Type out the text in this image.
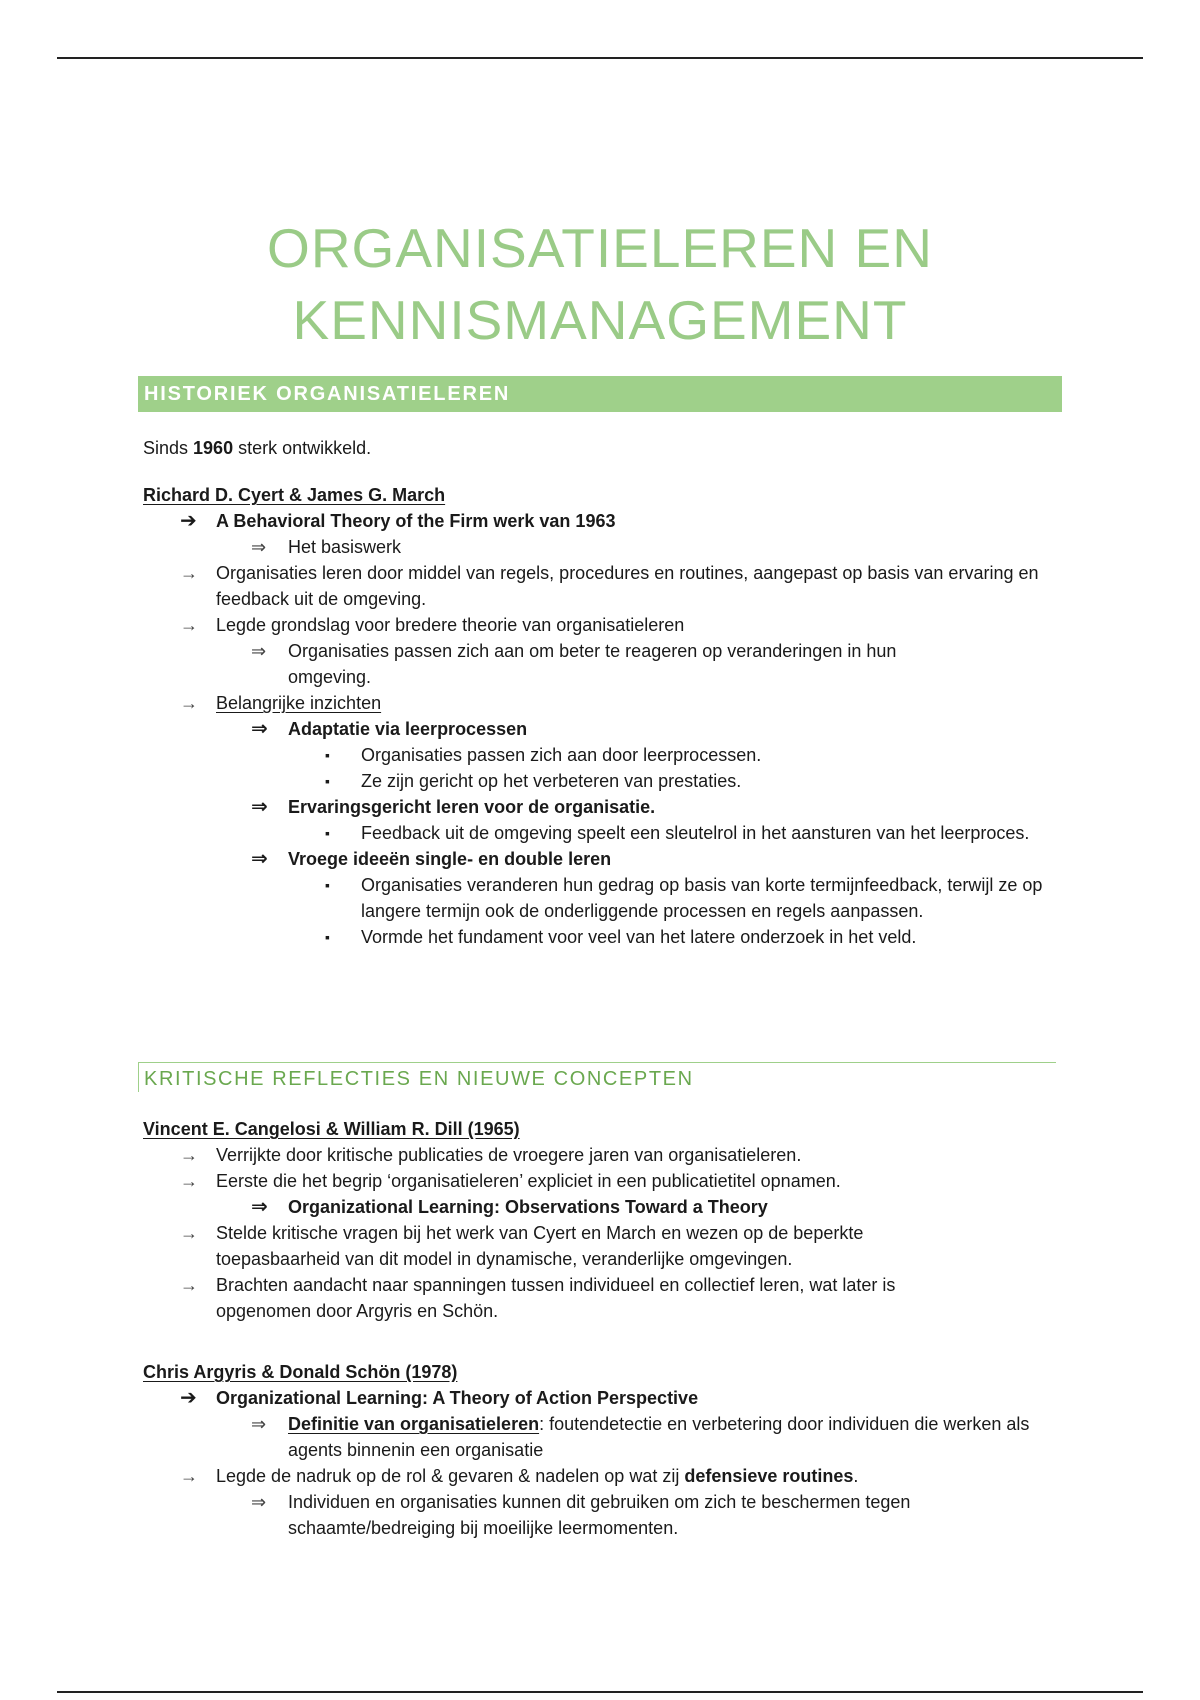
ORGANISATIELEREN EN
KENNISMANAGEMENT
HISTORIEK ORGANISATIELEREN

Sinds 1960 sterk ontwikkeld.

Richard D. Cyert & James G. March

➔ A Behavioral Theory of the Firm werk van 1963
⇒ Het basiswerk
→ Organisaties leren door middel van regels, procedures en routines, aangepast op basis van ervaring en feedback uit de omgeving.
→ Legde grondslag voor bredere theorie van organisatieleren
⇒ Organisaties passen zich aan om beter te reageren op veranderingen in hun omgeving.
→ Belangrijke inzichten
⇒ Adaptatie via leerprocessen
▪ Organisaties passen zich aan door leerprocessen.
▪ Ze zijn gericht op het verbeteren van prestaties.
⇒ Ervaringsgericht leren voor de organisatie.
▪ Feedback uit de omgeving speelt een sleutelrol in het aansturen van het leerproces.
⇒ Vroege ideeën single- en double leren
▪ Organisaties veranderen hun gedrag op basis van korte termijnfeedback, terwijl ze op langere termijn ook de onderliggende processen en regels aanpassen.
▪ Vormde het fundament voor veel van het latere onderzoek in het veld.
KRITISCHE REFLECTIES EN NIEUWE CONCEPTEN

Vincent E. Cangelosi & William R. Dill (1965)

→ Verrijkte door kritische publicaties de vroegere jaren van organisatieleren.
→ Eerste die het begrip ‘organisatieleren’ expliciet in een publicatietitel opnamen.
⇒ Organizational Learning: Observations Toward a Theory
→ Stelde kritische vragen bij het werk van Cyert en March en wezen op de beperkte toepasbaarheid van dit model in dynamische, veranderlijke omgevingen.
→ Brachten aandacht naar spanningen tussen individueel en collectief leren, wat later is opgenomen door Argyris en Schön.

Chris Argyris & Donald Schön (1978)

➔ Organizational Learning: A Theory of Action Perspective
⇒ Definitie van organisatieleren: foutendetectie en verbetering door individuen die werken als agents binnenin een organisatie
→ Legde de nadruk op de rol & gevaren & nadelen op wat zij defensieve routines.
⇒ Individuen en organisaties kunnen dit gebruiken om zich te beschermen tegen schaamte/bedreiging bij moeilijke leermomenten.
